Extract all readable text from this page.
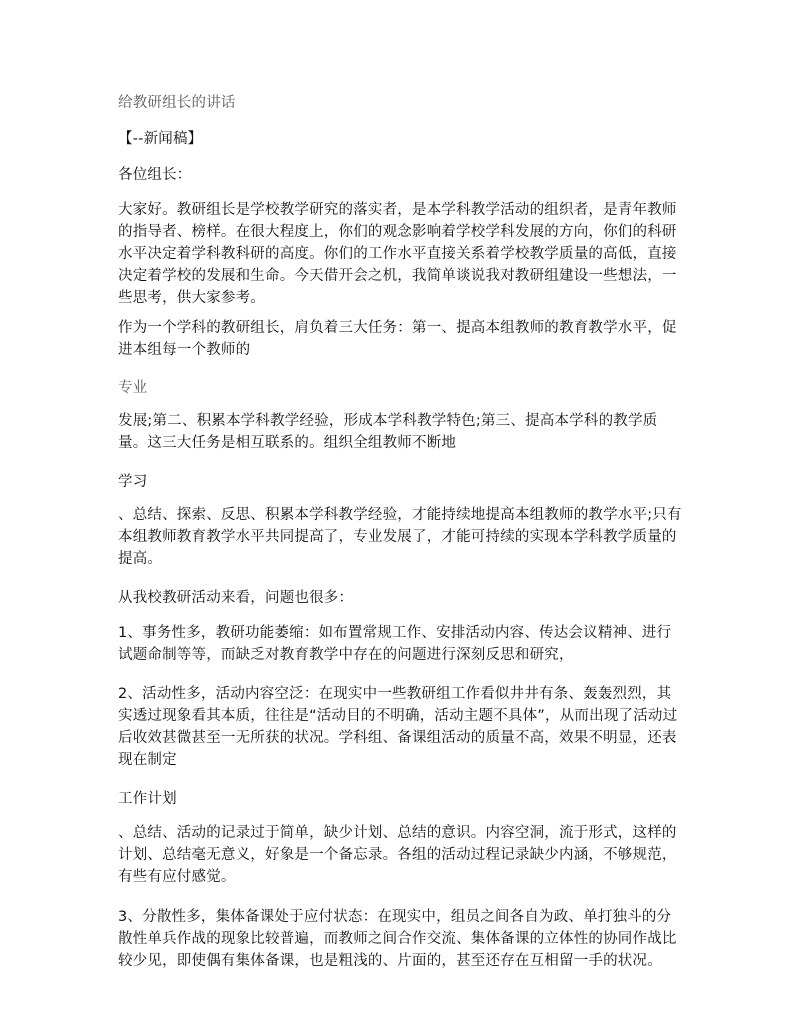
给教研组长的讲话

【--新闻稿】

各位组长：

大家好。教研组长是学校教学研究的落实者，是本学科教学活动的组织者，是青年教师的指导者、榜样。在很大程度上，你们的观念影响着学校学科发展的方向，你们的科研水平决定着学科教科研的高度。你们的工作水平直接关系着学校教学质量的高低，直接决定着学校的发展和生命。今天借开会之机，我简单谈说我对教研组建设一些想法，一些思考，供大家参考。

作为一个学科的教研组长，肩负着三大任务：第一、提高本组教师的教育教学水平，促进本组每一个教师的

专业

发展;第二、积累本学科教学经验，形成本学科教学特色;第三、提高本学科的教学质量。这三大任务是相互联系的。组织全组教师不断地

学习

、总结、探索、反思、积累本学科教学经验，才能持续地提高本组教师的教学水平;只有本组教师教育教学水平共同提高了，专业发展了，才能可持续的实现本学科教学质量的提高。

从我校教研活动来看，问题也很多：

1、事务性多，教研功能萎缩：如布置常规工作、安排活动内容、传达会议精神、进行试题命制等等，而缺乏对教育教学中存在的问题进行深刻反思和研究，

2、活动性多，活动内容空泛：在现实中一些教研组工作看似井井有条、轰轰烈烈，其实透过现象看其本质，往往是“活动目的不明确，活动主题不具体”，从而出现了活动过后收效甚微甚至一无所获的状况。学科组、备课组活动的质量不高，效果不明显，还表现在制定

工作计划

、总结、活动的记录过于简单，缺少计划、总结的意识。内容空洞，流于形式，这样的计划、总结毫无意义，好象是一个备忘录。各组的活动过程记录缺少内涵，不够规范，有些有应付感觉。

3、分散性多，集体备课处于应付状态：在现实中，组员之间各自为政、单打独斗的分散性单兵作战的现象比较普遍，而教师之间合作交流、集体备课的立体性的协同作战比较少见，即使偶有集体备课，也是粗浅的、片面的，甚至还存在互相留一手的状况。
